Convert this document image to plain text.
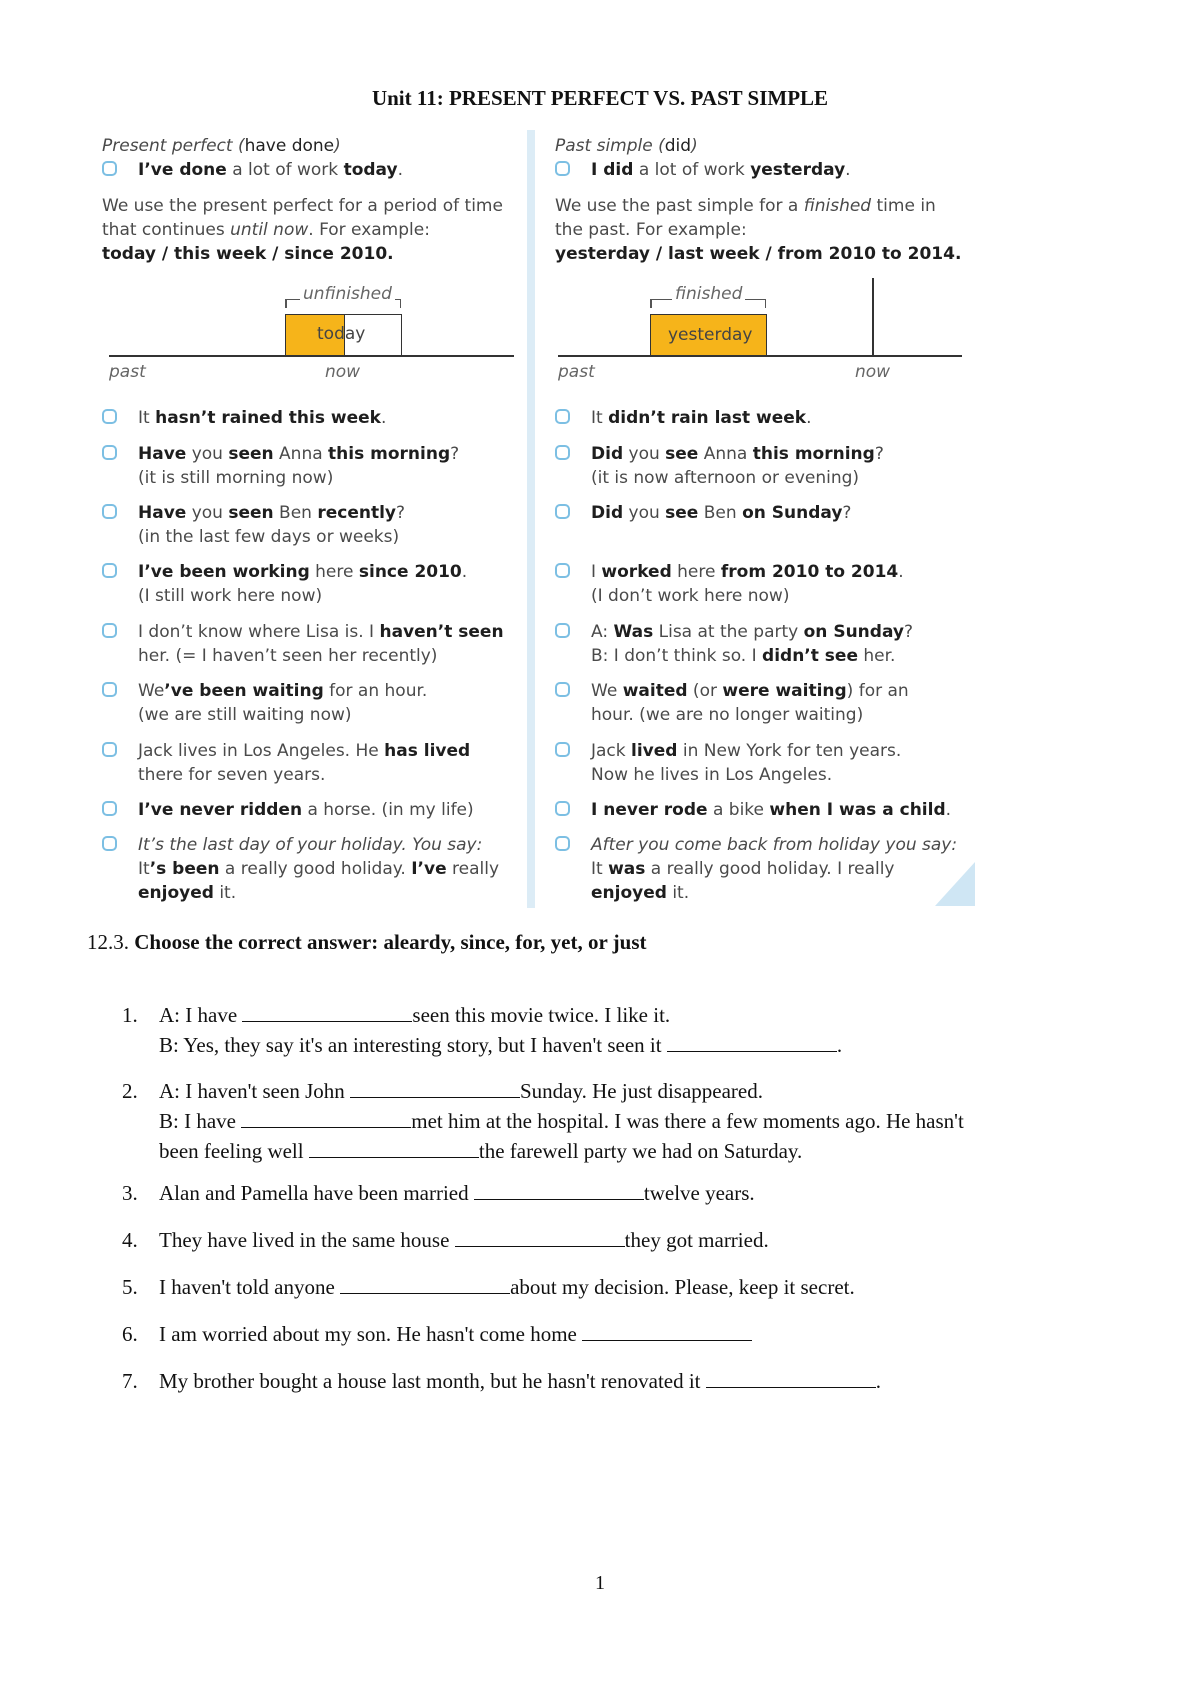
Unit 11: PRESENT PERFECT VS. PAST SIMPLE
Present perfect (have done)
I’ve done a lot of work today.
We use the present perfect for a period of time
that continues until now. For example:
today / this week / since 2010.
unfinished
today
past	now
It hasn’t rained this week.
Have you seen Anna this morning?
(it is still morning now)
Have you seen Ben recently?
(in the last few days or weeks)
I’ve been working here since 2010.
(I still work here now)
I don’t know where Lisa is. I haven’t seen
her. (= I haven’t seen her recently)
We’ve been waiting for an hour.
(we are still waiting now)
Jack lives in Los Angeles. He has lived
there for seven years.
I’ve never ridden a horse. (in my life)
It’s the last day of your holiday. You say:
It’s been a really good holiday. I’ve really
enjoyed it.
Past simple (did)
I did a lot of work yesterday.
We use the past simple for a finished time in
the past. For example:
yesterday / last week / from 2010 to 2014.
finished
yesterday
now
past
It didn’t rain last week.
Did you see Anna this morning?
(it is now afternoon or evening)
Did you see Ben on Sunday?
I worked here from 2010 to 2014.
(I don’t work here now)
A: Was Lisa at the party on Sunday?
B: I don’t think so. I didn’t see her.
We waited (or were waiting) for an
hour. (we are no longer waiting)
Jack lived in New York for ten years.
Now he lives in Los Angeles.
I never rode a bike when I was a child.
After you come back from holiday you say:
It was a really good holiday. I really
enjoyed it.
12.3. Choose the correct answer: aleardy, since, for, yet, or just
1. A: I have	seen this movie twice. I like it.
B: Yes, they say it's an interesting story, but I haven't seen it	.
2. A: I haven't seen John	Sunday. He just disappeared.
B: I have	met him at the hospital. I was there a few moments ago. He hasn't
been feeling well	the farewell party we had on Saturday.
3. Alan and Pamella have been married	twelve years.
4. They have lived in the same house	they got married.
5. I haven't told anyone	about my decision. Please, keep it secret.
6. I am worried about my son. He hasn't come home
7. My brother bought a house last month, but he hasn't renovated it	.
1
